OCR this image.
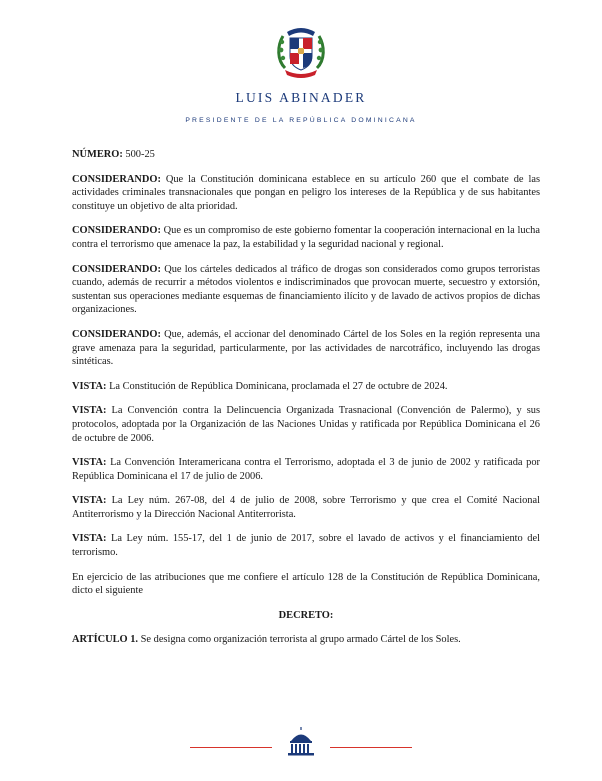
LUIS ABINADER
PRESIDENTE DE LA REPÚBLICA DOMINICANA

NÚMERO: 500-25

CONSIDERANDO: Que la Constitución dominicana establece en su artículo 260 que el combate de las actividades criminales transnacionales que pongan en peligro los intereses de la República y de sus habitantes constituye un objetivo de alta prioridad.

CONSIDERANDO: Que es un compromiso de este gobierno fomentar la cooperación internacional en la lucha contra el terrorismo que amenace la paz, la estabilidad y la seguridad nacional y regional.

CONSIDERANDO: Que los cárteles dedicados al tráfico de drogas son considerados como grupos terroristas cuando, además de recurrir a métodos violentos e indiscriminados que provocan muerte, secuestro y extorsión, sustentan sus operaciones mediante esquemas de financiamiento ilícito y de lavado de activos propios de dichas organizaciones.

CONSIDERANDO: Que, además, el accionar del denominado Cártel de los Soles en la región representa una grave amenaza para la seguridad, particularmente, por las actividades de narcotráfico, incluyendo las drogas sintéticas.

VISTA: La Constitución de República Dominicana, proclamada el 27 de octubre de 2024.

VISTA: La Convención contra la Delincuencia Organizada Trasnacional (Convención de Palermo), y sus protocolos, adoptada por la Organización de las Naciones Unidas y ratificada por República Dominicana el 26 de octubre de 2006.

VISTA: La Convención Interamericana contra el Terrorismo, adoptada el 3 de junio de 2002 y ratificada por República Dominicana el 17 de julio de 2006.

VISTA: La Ley núm. 267-08, del 4 de julio de 2008, sobre Terrorismo y que crea el Comité Nacional Antiterrorismo y la Dirección Nacional Antiterrorista.

VISTA: La Ley núm. 155-17, del 1 de junio de 2017, sobre el lavado de activos y el financiamiento del terrorismo.

En ejercicio de las atribuciones que me confiere el artículo 128 de la Constitución de República Dominicana, dicto el siguiente

DECRETO:

ARTÍCULO 1. Se designa como organización terrorista al grupo armado Cártel de los Soles.
